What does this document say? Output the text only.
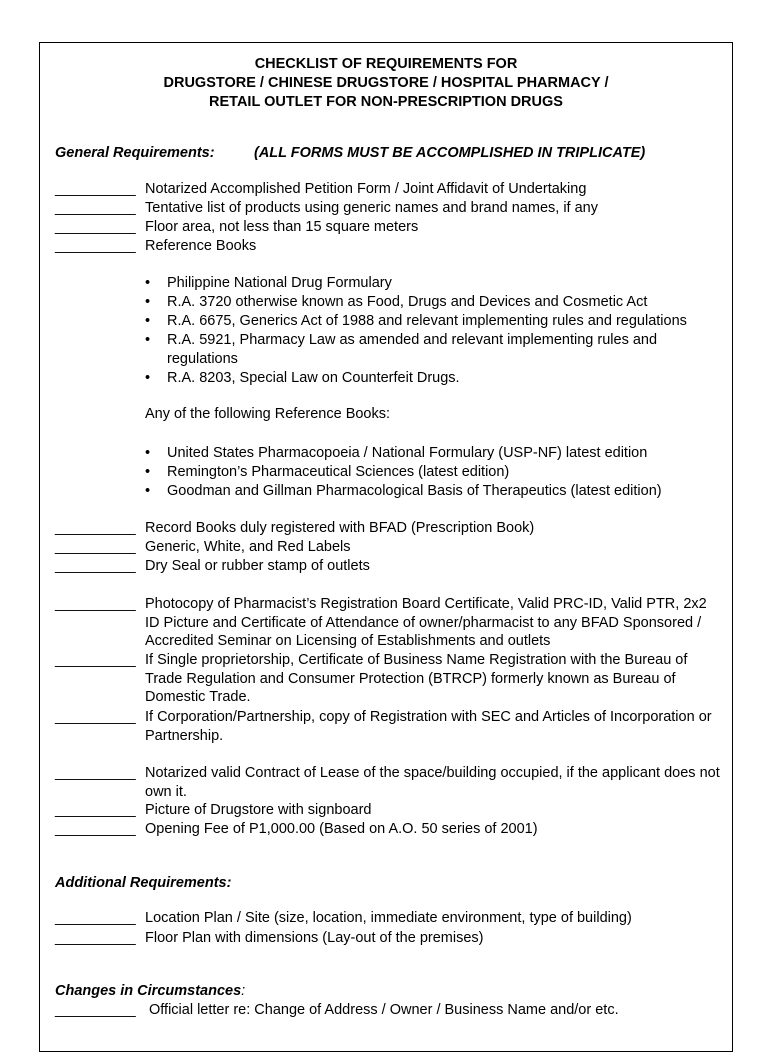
CHECKLIST OF REQUIREMENTS FOR
DRUGSTORE / CHINESE DRUGSTORE / HOSPITAL PHARMACY /
RETAIL OUTLET FOR NON-PRESCRIPTION DRUGS
General Requirements:	(ALL FORMS MUST BE ACCOMPLISHED IN TRIPLICATE)
__________ Notarized Accomplished Petition Form / Joint Affidavit of Undertaking
__________ Tentative list of products using generic names and brand names, if any
__________ Floor area, not less than 15 square meters
__________ Reference Books
• Philippine National Drug Formulary
• R.A. 3720 otherwise known as Food, Drugs and Devices and Cosmetic Act
• R.A. 6675, Generics Act of 1988 and relevant implementing rules and regulations
• R.A. 5921, Pharmacy Law as amended and relevant implementing rules and regulations
• R.A. 8203, Special Law on Counterfeit Drugs.
Any of the following Reference Books:
• United States Pharmacopoeia / National Formulary (USP-NF) latest edition
• Remington’s Pharmaceutical Sciences (latest edition)
• Goodman and Gillman Pharmacological Basis of Therapeutics (latest edition)
__________ Record Books duly registered with BFAD (Prescription Book)
__________ Generic, White, and Red Labels
__________ Dry Seal or rubber stamp of outlets
__________ Photocopy of Pharmacist’s Registration Board Certificate, Valid PRC-ID, Valid PTR, 2x2 ID Picture and Certificate of Attendance of owner/pharmacist to any BFAD Sponsored / Accredited Seminar on Licensing of Establishments and outlets
__________ If Single proprietorship, Certificate of Business Name Registration with the Bureau of Trade Regulation and Consumer Protection (BTRCP) formerly known as Bureau of Domestic Trade.
__________ If Corporation/Partnership, copy of Registration with SEC and Articles of Incorporation or Partnership.
__________ Notarized valid Contract of Lease of the space/building occupied, if the applicant does not own it.
__________ Picture of Drugstore with signboard
__________ Opening Fee of P1,000.00 (Based on A.O. 50 series of 2001)
Additional Requirements:
__________ Location Plan / Site (size, location, immediate environment, type of building)
__________ Floor Plan with dimensions (Lay-out of the premises)
Changes in Circumstances:
__________ Official letter re: Change of Address / Owner / Business Name and/or etc.
